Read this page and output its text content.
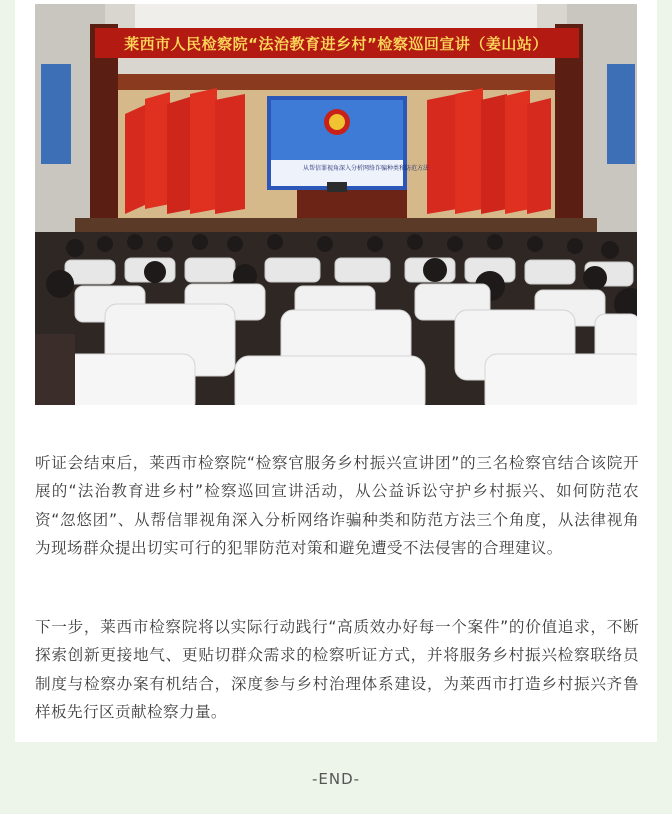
莱西市人民检察院“法治教育进乡村”检察巡回宣讲（姜山站）
从帮信罪视角深入分析网络诈骗种类和防范方法

听证会结束后，莱西市检察院“检察官服务乡村振兴宣讲团”的三名检察官结合该院开展的“法治教育进乡村”检察巡回宣讲活动，从公益诉讼守护乡村振兴、如何防范农资“忽悠团”、从帮信罪视角深入分析网络诈骗种类和防范方法三个角度，从法律视角为现场群众提出切实可行的犯罪防范对策和避免遭受不法侵害的合理建议。

下一步，莱西市检察院将以实际行动践行“高质效办好每一个案件”的价值追求，不断探索创新更接地气、更贴切群众需求的检察听证方式，并将服务乡村振兴检察联络员制度与检察办案有机结合，深度参与乡村治理体系建设，为莱西市打造乡村振兴齐鲁样板先行区贡献检察力量。

-END-
